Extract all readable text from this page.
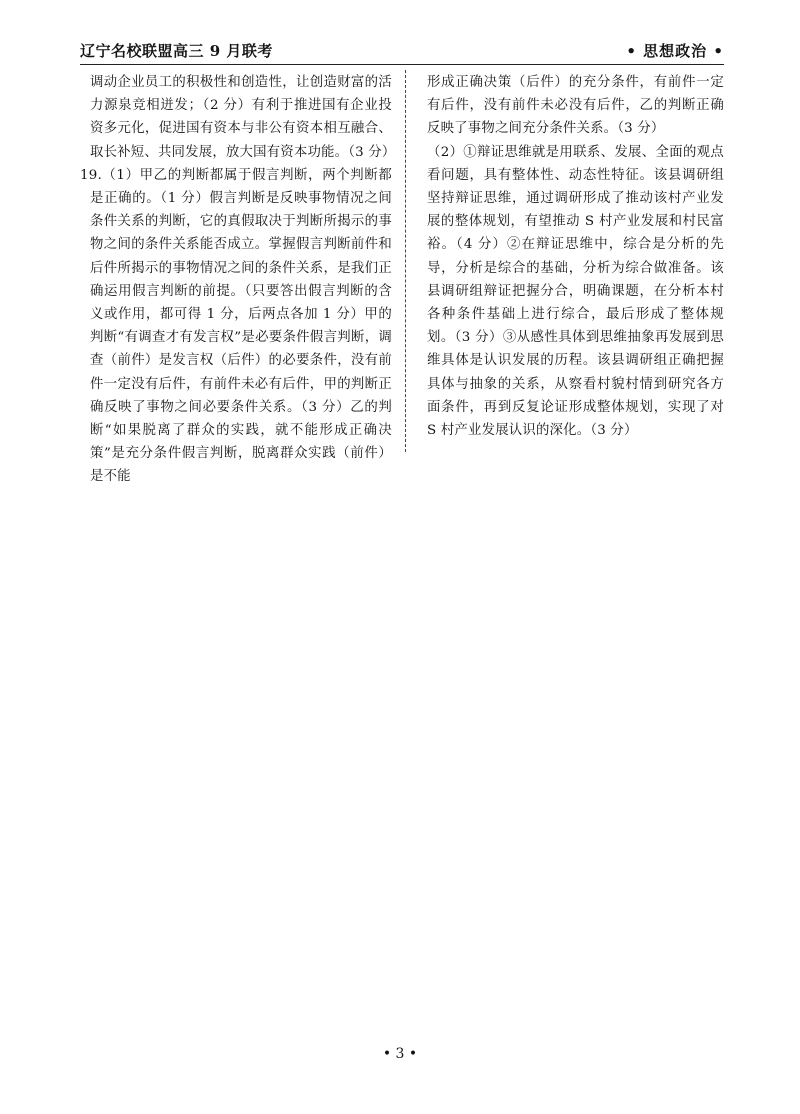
辽宁名校联盟高三 9 月联考	• 思想政治 •

调动企业员工的积极性和创造性，让创造财富的活力源泉竞相迸发；（2 分）有利于推进国有企业投资多元化，促进国有资本与非公有资本相互融合、取长补短、共同发展，放大国有资本功能。（3 分）

19.（1）甲乙的判断都属于假言判断，两个判断都是正确的。（1 分）假言判断是反映事物情况之间条件关系的判断，它的真假取决于判断所揭示的事物之间的条件关系能否成立。掌握假言判断前件和后件所揭示的事物情况之间的条件关系，是我们正确运用假言判断的前提。（只要答出假言判断的含义或作用，都可得 1 分，后两点各加 1 分）甲的判断“有调查才有发言权”是必要条件假言判断，调查（前件）是发言权（后件）的必要条件，没有前件一定没有后件，有前件未必有后件，甲的判断正确反映了事物之间必要条件关系。（3 分）乙的判断“如果脱离了群众的实践，就不能形成正确决策”是充分条件假言判断，脱离群众实践（前件）是不能

形成正确决策（后件）的充分条件，有前件一定有后件，没有前件未必没有后件，乙的判断正确反映了事物之间充分条件关系。（3 分）

（2）①辩证思维就是用联系、发展、全面的观点看问题，具有整体性、动态性特征。该县调研组坚持辩证思维，通过调研形成了推动该村产业发展的整体规划，有望推动 S 村产业发展和村民富裕。（4 分）②在辩证思维中，综合是分析的先导，分析是综合的基础，分析为综合做准备。该县调研组辩证把握分合，明确课题，在分析本村各种条件基础上进行综合，最后形成了整体规划。（3 分）③从感性具体到思维抽象再发展到思维具体是认识发展的历程。该县调研组正确把握具体与抽象的关系，从察看村貌村情到研究各方面条件，再到反复论证形成整体规划，实现了对 S 村产业发展认识的深化。（3 分）

• 3 •
